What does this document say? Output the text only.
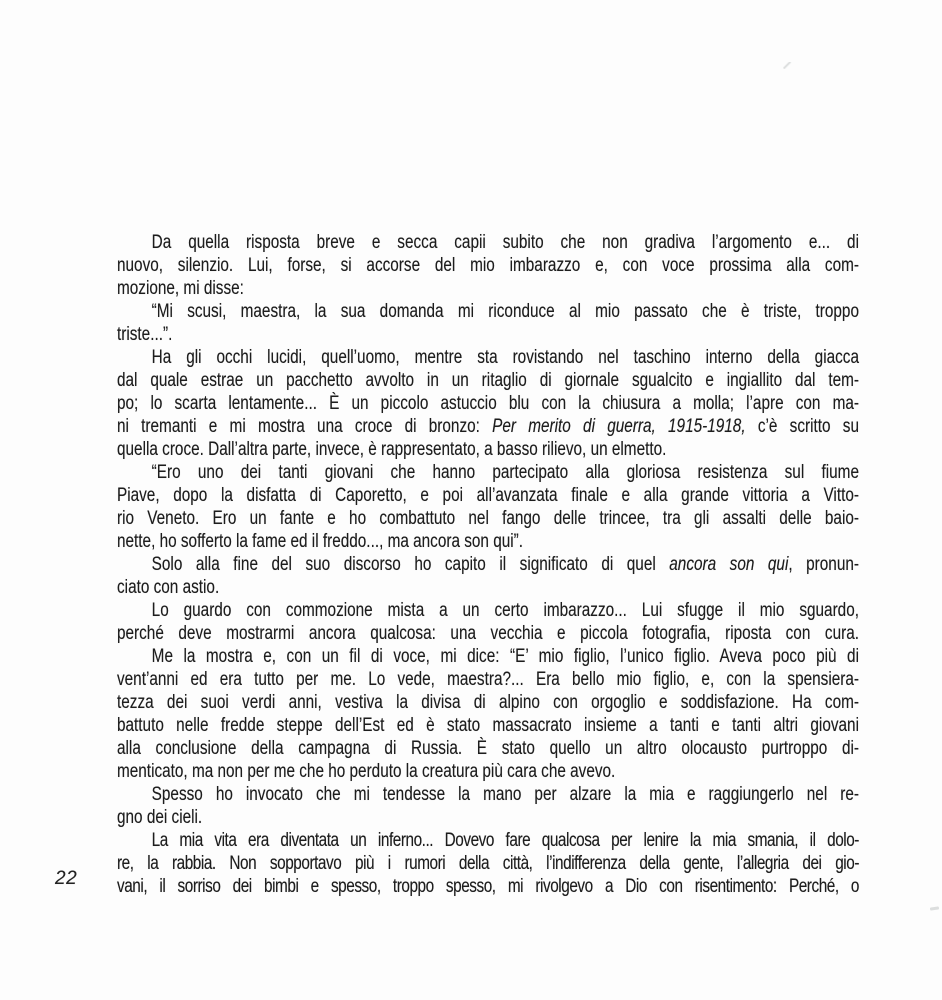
Da quella risposta breve e secca capii subito che non gradiva l’argomento e... di
nuovo, silenzio. Lui, forse, si accorse del mio imbarazzo e, con voce prossima alla com-
mozione, mi disse:
“Mi scusi, maestra, la sua domanda mi riconduce al mio passato che è triste, troppo
triste...”.
Ha gli occhi lucidi, quell’uomo, mentre sta rovistando nel taschino interno della giacca
dal quale estrae un pacchetto avvolto in un ritaglio di giornale sgualcito e ingiallito dal tem-
po; lo scarta lentamente... È un piccolo astuccio blu con la chiusura a molla; l’apre con ma-
ni tremanti e mi mostra una croce di bronzo: Per merito di guerra, 1915-1918, c’è scritto su
quella croce. Dall’altra parte, invece, è rappresentato, a basso rilievo, un elmetto.
“Ero uno dei tanti giovani che hanno partecipato alla gloriosa resistenza sul fiume
Piave, dopo la disfatta di Caporetto, e poi all’avanzata finale e alla grande vittoria a Vitto-
rio Veneto. Ero un fante e ho combattuto nel fango delle trincee, tra gli assalti delle baio-
nette, ho sofferto la fame ed il freddo..., ma ancora son qui”.
Solo alla fine del suo discorso ho capito il significato di quel ancora son qui, pronun-
ciato con astio.
Lo guardo con commozione mista a un certo imbarazzo... Lui sfugge il mio sguardo,
perché deve mostrarmi ancora qualcosa: una vecchia e piccola fotografia, riposta con cura.
Me la mostra e, con un fil di voce, mi dice: “E’ mio figlio, l’unico figlio. Aveva poco più di
vent’anni ed era tutto per me. Lo vede, maestra?... Era bello mio figlio, e, con la spensiera-
tezza dei suoi verdi anni, vestiva la divisa di alpino con orgoglio e soddisfazione. Ha com-
battuto nelle fredde steppe dell’Est ed è stato massacrato insieme a tanti e tanti altri giovani
alla conclusione della campagna di Russia. È stato quello un altro olocausto purtroppo di-
menticato, ma non per me che ho perduto la creatura più cara che avevo.
Spesso ho invocato che mi tendesse la mano per alzare la mia e raggiungerlo nel re-
gno dei cieli.
La mia vita era diventata un inferno... Dovevo fare qualcosa per lenire la mia smania, il dolo-
re, la rabbia. Non sopportavo più i rumori della città, l’indifferenza della gente, l’allegria dei gio-
vani, il sorriso dei bimbi e spesso, troppo spesso, mi rivolgevo a Dio con risentimento: Perché, o
22
